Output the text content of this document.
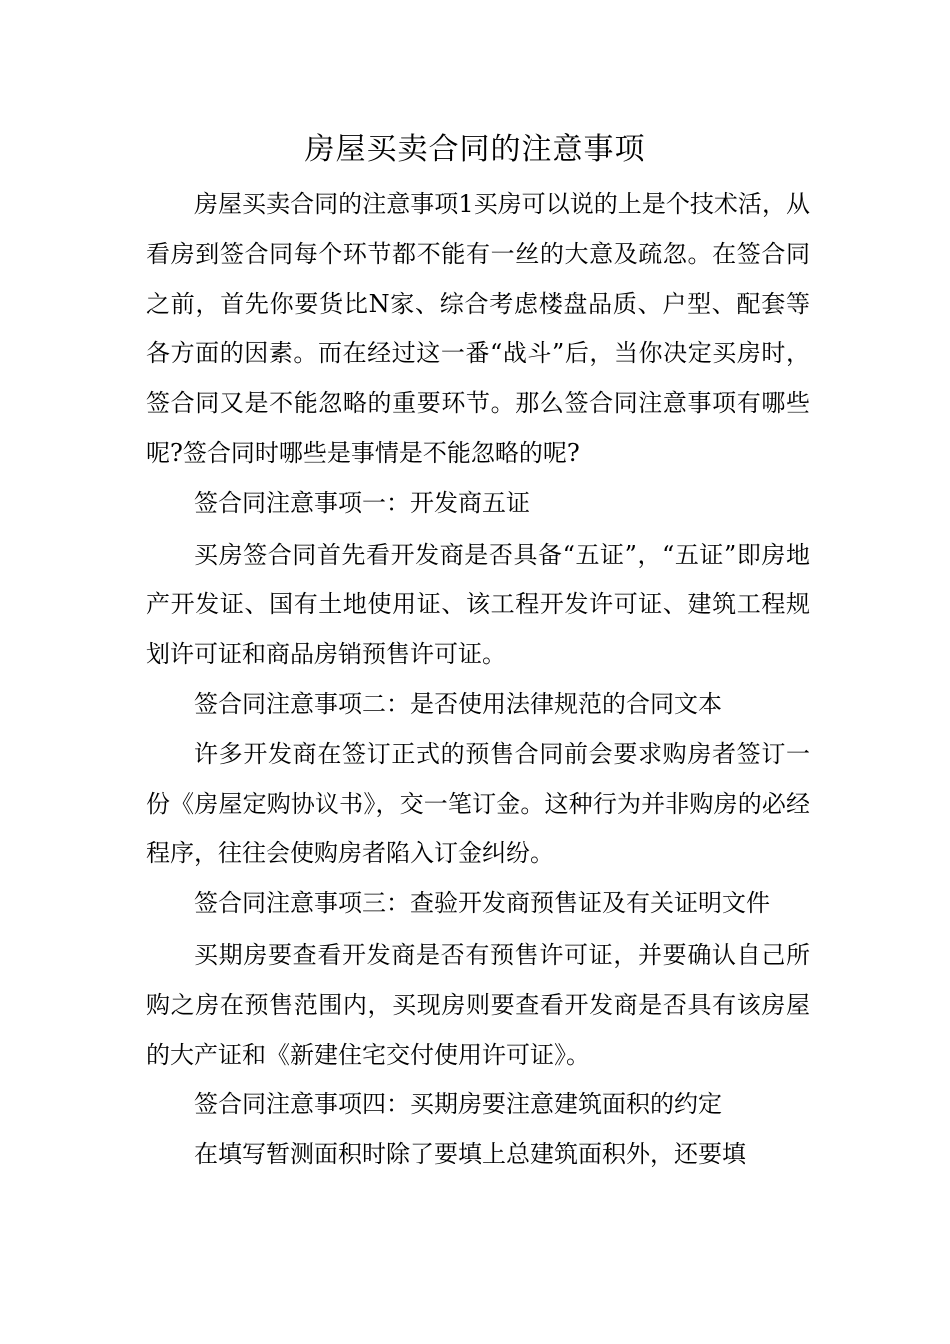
房屋买卖合同的注意事项

房屋买卖合同的注意事项1买房可以说的上是个技术活，从看房到签合同每个环节都不能有一丝的大意及疏忽。在签合同之前，首先你要货比N家、综合考虑楼盘品质、户型、配套等各方面的因素。而在经过这一番“战斗”后，当你决定买房时，签合同又是不能忽略的重要环节。那么签合同注意事项有哪些呢?签合同时哪些是事情是不能忽略的呢?

签合同注意事项一：开发商五证

买房签合同首先看开发商是否具备“五证”，“五证”即房地产开发证、国有土地使用证、该工程开发许可证、建筑工程规划许可证和商品房销预售许可证。

签合同注意事项二：是否使用法律规范的合同文本

许多开发商在签订正式的预售合同前会要求购房者签订一份《房屋定购协议书》，交一笔订金。这种行为并非购房的必经程序，往往会使购房者陷入订金纠纷。

签合同注意事项三：查验开发商预售证及有关证明文件

买期房要查看开发商是否有预售许可证，并要确认自己所购之房在预售范围内，买现房则要查看开发商是否具有该房屋的大产证和《新建住宅交付使用许可证》。

签合同注意事项四：买期房要注意建筑面积的约定

在填写暂测面积时除了要填上总建筑面积外，还要填
